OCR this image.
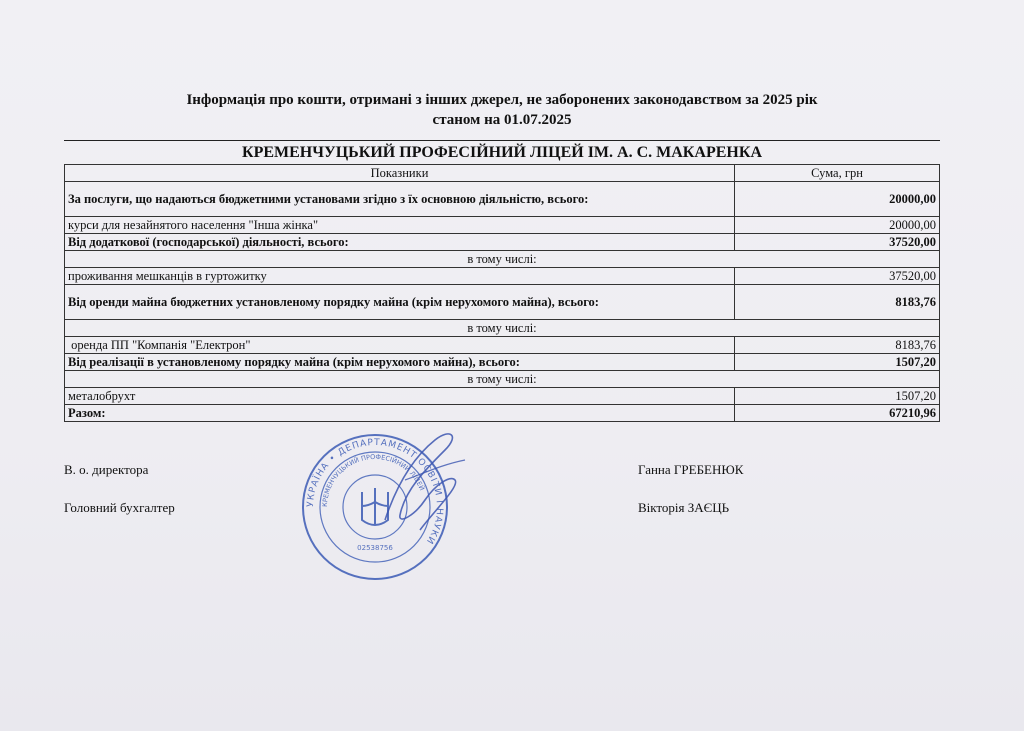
Інформація про кошти, отримані з інших джерел, не заборонених законодавством за 2025 рік
станом на 01.07.2025
КРЕМЕНЧУЦЬКИЙ ПРОФЕСІЙНИЙ ЛІЦЕЙ ІМ. А. С. МАКАРЕНКА
Показники	Сума, грн
За послуги, що надаються бюджетними установами згідно з їх основною діяльністю, всього:	20000,00
курси для незайнятого населення "Інша жінка"	20000,00
Від додаткової (господарської) діяльності, всього:	37520,00
в тому числі:	
проживання мешканців в гуртожитку	37520,00
Від оренди майна бюджетних установленому порядку майна (крім нерухомого майна), всього:	8183,76
в тому числі:	
оренда ПП "Компанія "Електрон"	8183,76
Від реалізації в установленому порядку майна (крім нерухомого майна), всього:	1507,20
в тому числі:	
металобрухт	1507,20
Разом:	67210,96
В. о. директора	Ганна ГРЕБЕНЮК
Головний бухгалтер	Вікторія ЗАЄЦЬ
УКРАЇНА • ДЕПАРТАМЕНТ ОСВІТИ І НАУКИ
КРЕМЕНЧУЦЬКИЙ ПРОФЕСІЙНИЙ ЛІЦЕЙ
02538756
